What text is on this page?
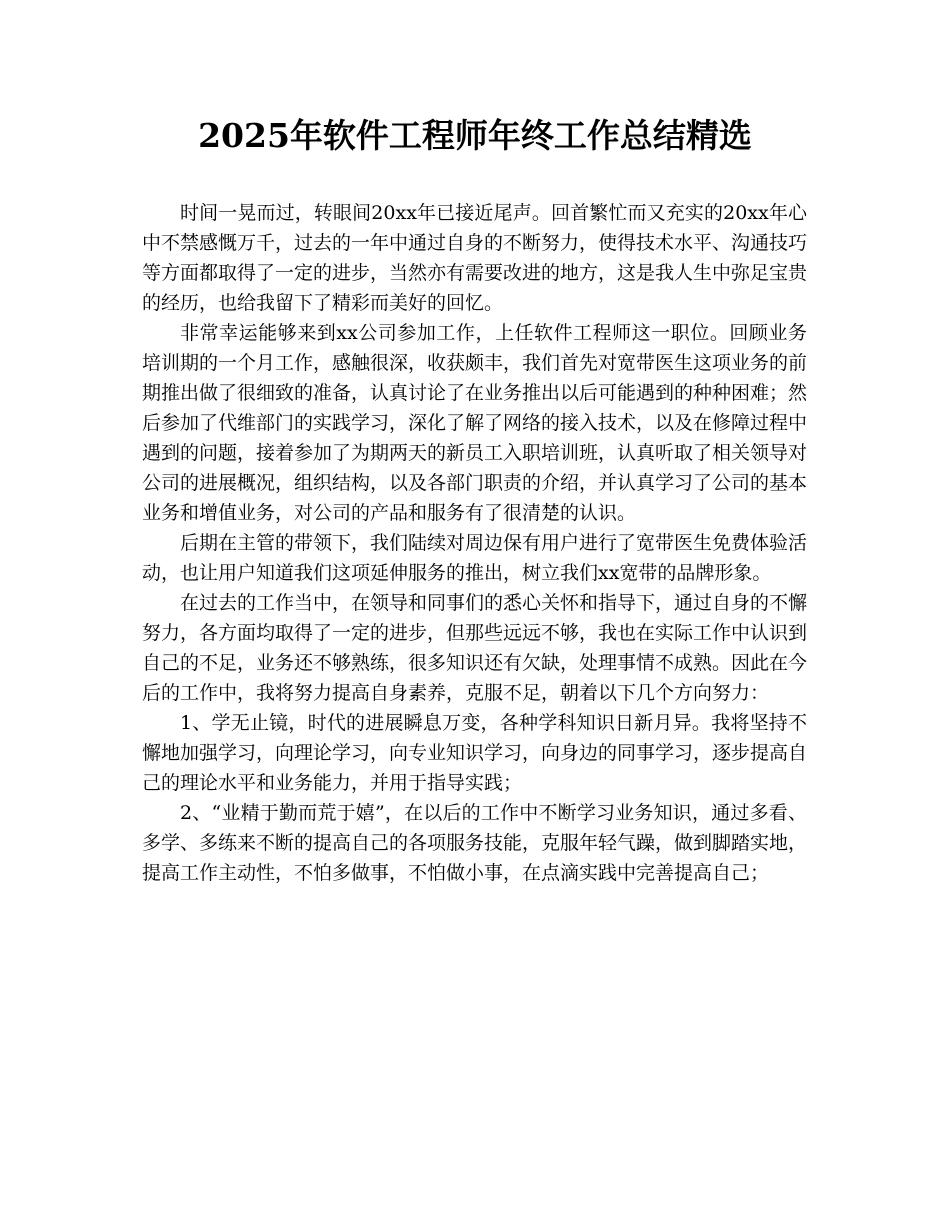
2025年软件工程师年终工作总结精选

时间一晃而过，转眼间20xx年已接近尾声。回首繁忙而又充实的20xx年心中不禁感慨万千，过去的一年中通过自身的不断努力，使得技术水平、沟通技巧等方面都取得了一定的进步，当然亦有需要改进的地方，这是我人生中弥足宝贵的经历，也给我留下了精彩而美好的回忆。

非常幸运能够来到xx公司参加工作，上任软件工程师这一职位。回顾业务培训期的一个月工作，感触很深，收获颇丰，我们首先对宽带医生这项业务的前期推出做了很细致的准备，认真讨论了在业务推出以后可能遇到的种种困难；然后参加了代维部门的实践学习，深化了解了网络的接入技术，以及在修障过程中遇到的问题，接着参加了为期两天的新员工入职培训班，认真听取了相关领导对公司的进展概况，组织结构，以及各部门职责的介绍，并认真学习了公司的基本业务和增值业务，对公司的产品和服务有了很清楚的认识。

后期在主管的带领下，我们陆续对周边保有用户进行了宽带医生免费体验活动，也让用户知道我们这项延伸服务的推出，树立我们xx宽带的品牌形象。

在过去的工作当中，在领导和同事们的悉心关怀和指导下，通过自身的不懈努力，各方面均取得了一定的进步，但那些远远不够，我也在实际工作中认识到自己的不足，业务还不够熟练，很多知识还有欠缺，处理事情不成熟。因此在今后的工作中，我将努力提高自身素养，克服不足，朝着以下几个方向努力：

1、学无止镜，时代的进展瞬息万变，各种学科知识日新月异。我将坚持不懈地加强学习，向理论学习，向专业知识学习，向身边的同事学习，逐步提高自己的理论水平和业务能力，并用于指导实践；

2、“业精于勤而荒于嬉”，在以后的工作中不断学习业务知识，通过多看、多学、多练来不断的提高自己的各项服务技能，克服年轻气躁，做到脚踏实地，提高工作主动性，不怕多做事，不怕做小事，在点滴实践中完善提高自己；
